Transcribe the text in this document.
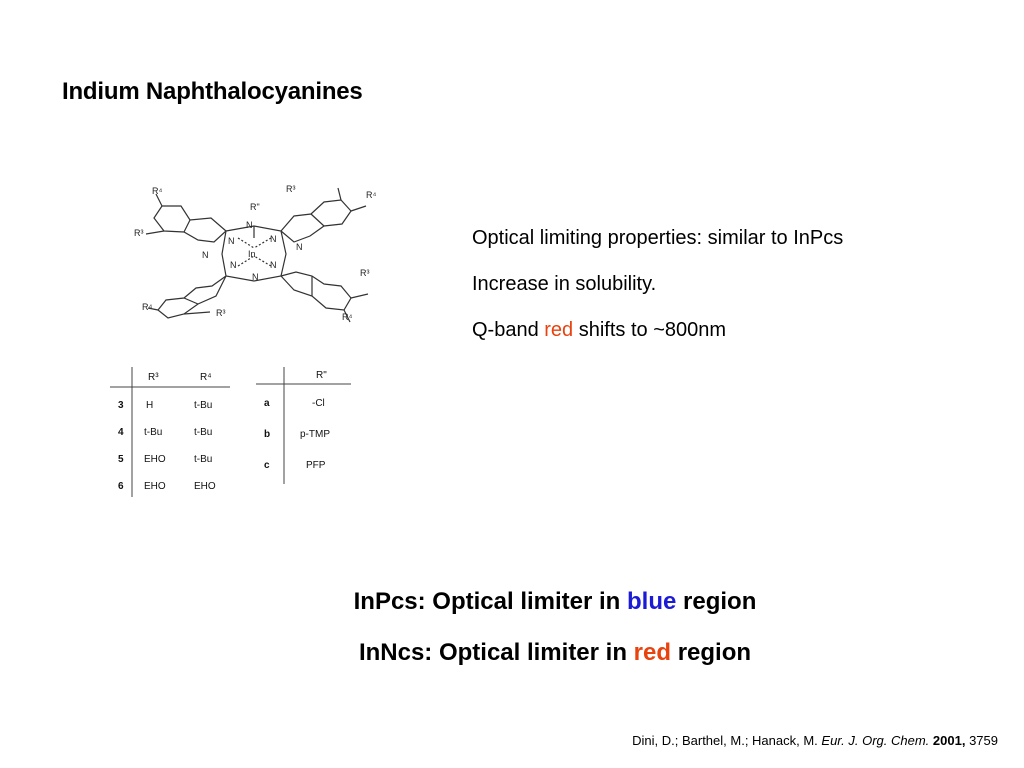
Indium Naphthalocyanines
In
R"
N
N	N
N
N
N	N
N
R⁴
R³
R³
R⁴
R³
R⁴
R⁴
R³
R³	R⁴
3 H	t-Bu
4 t-Bu	t-Bu
5 EHO	t-Bu
6 EHO	EHO
R"
a	-Cl
b	p-TMP
c	PFP
Optical limiting properties: similar to InPcs
Increase in solubility.
Q-band red shifts to ~800nm
InPcs: Optical limiter in blue region
InNcs: Optical limiter in red region
Dini, D.; Barthel, M.; Hanack, M. Eur. J. Org. Chem. 2001, 3759
